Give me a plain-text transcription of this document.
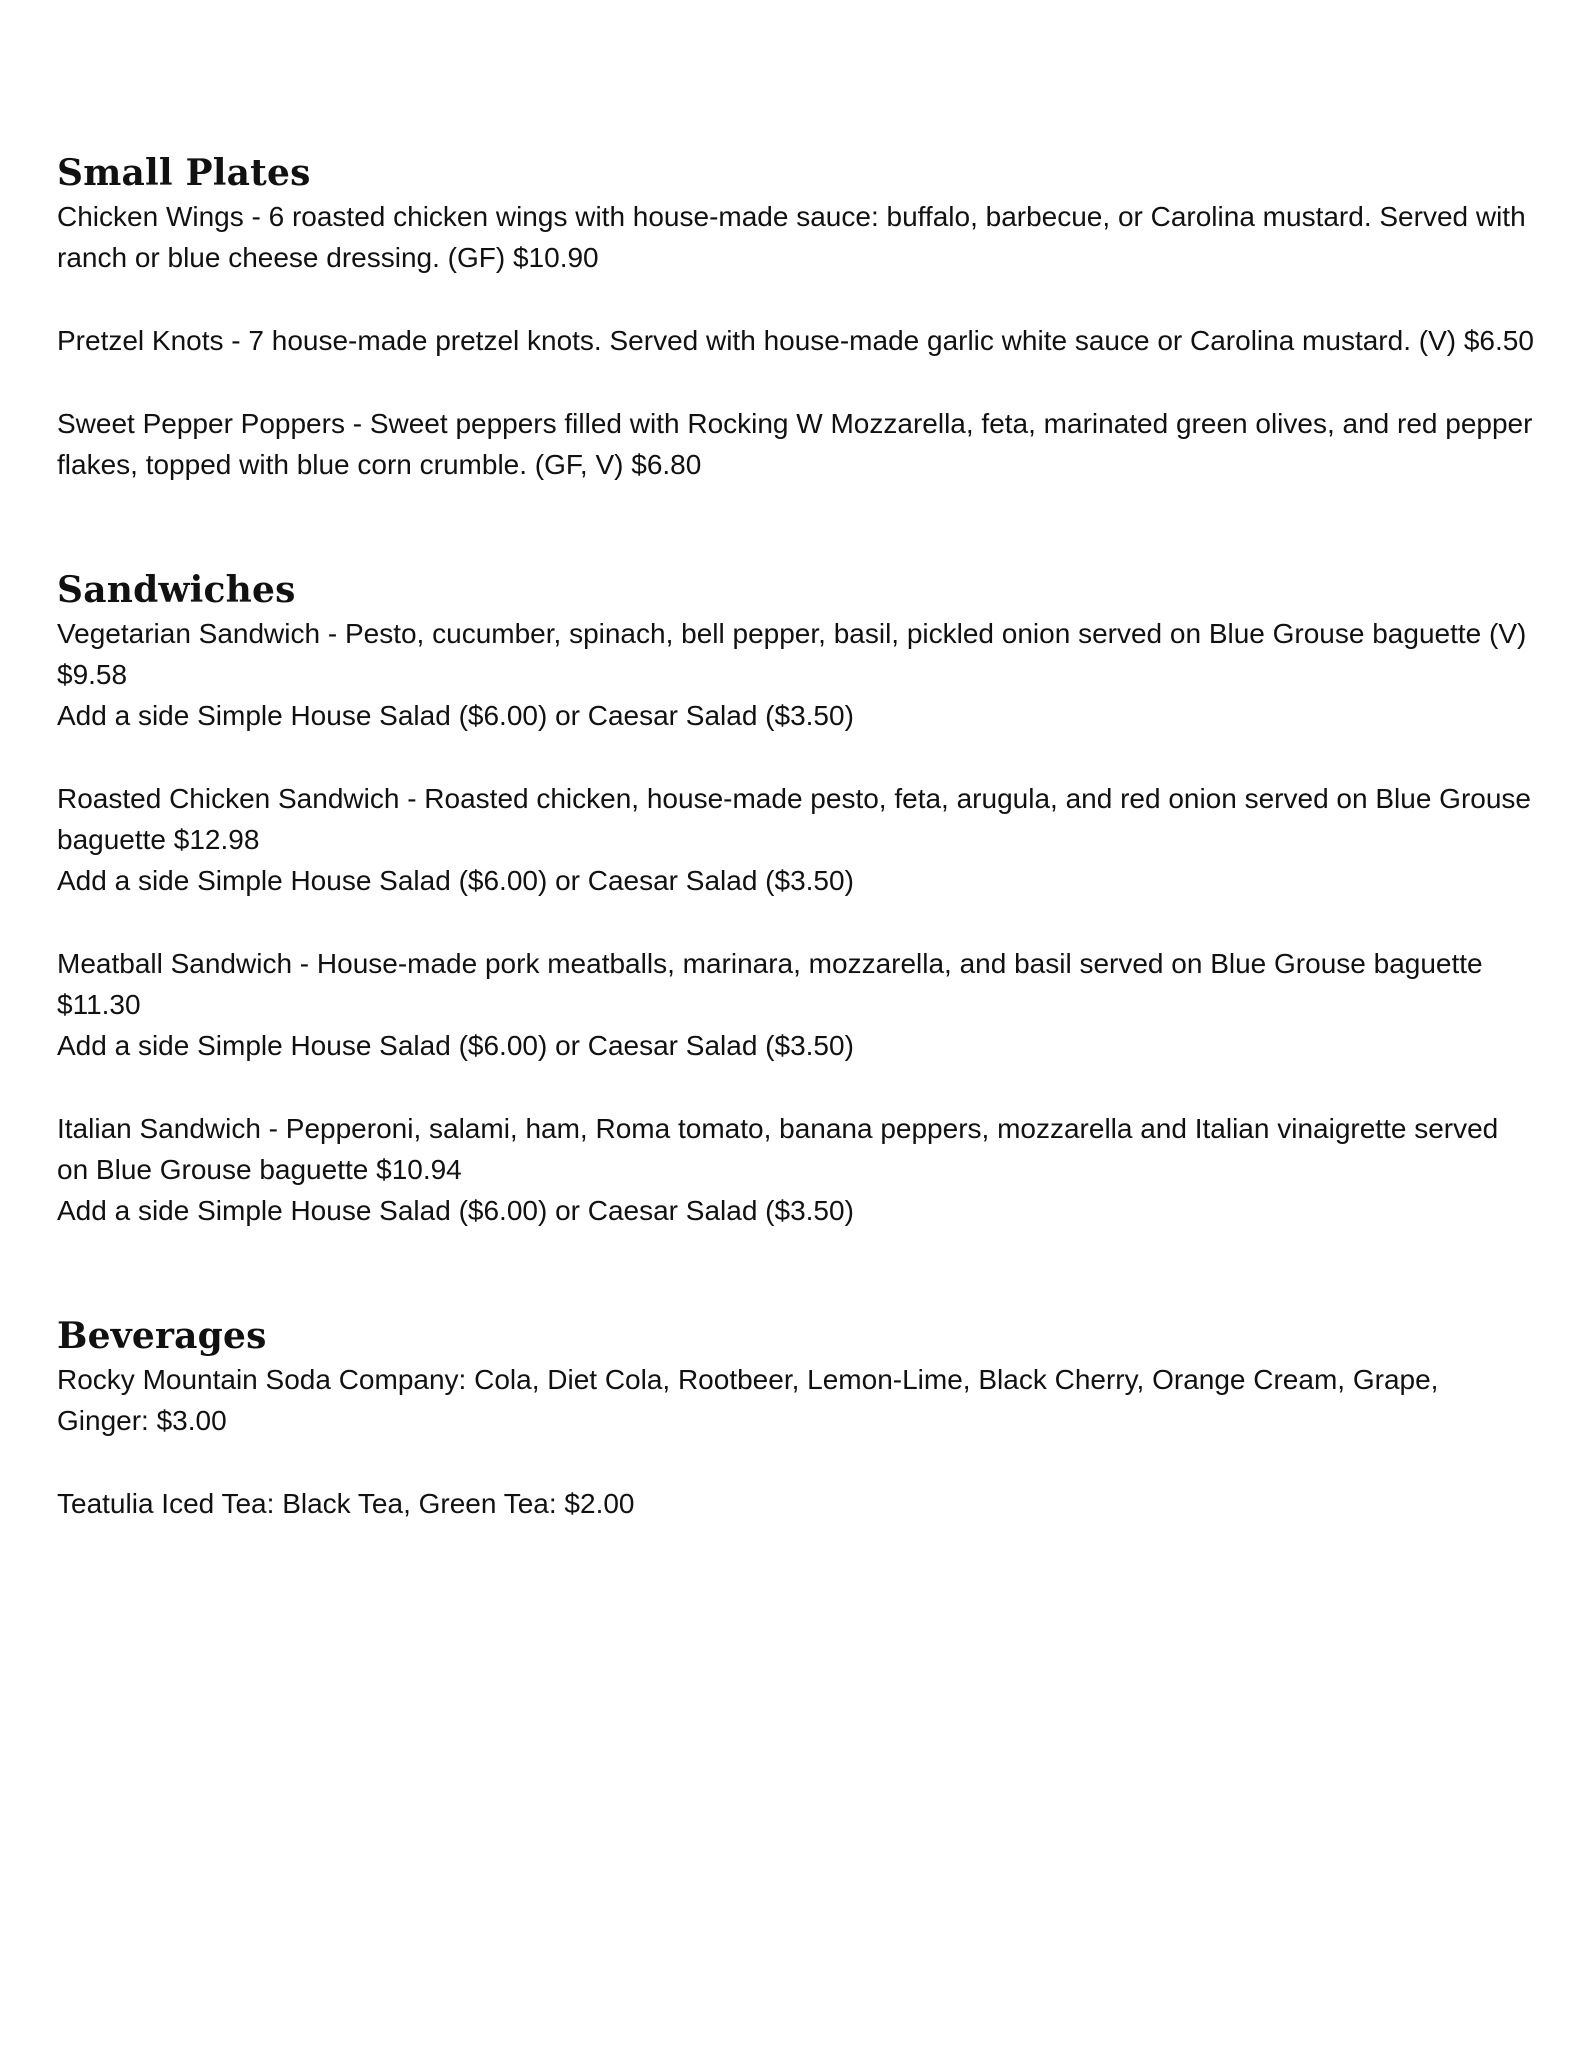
Small Plates

Chicken Wings - 6 roasted chicken wings with house-made sauce: buffalo, barbecue, or Carolina mustard. Served with ranch or blue cheese dressing. (GF) $10.90

Pretzel Knots - 7 house-made pretzel knots. Served with house-made garlic white sauce or Carolina mustard. (V) $6.50

Sweet Pepper Poppers - Sweet peppers filled with Rocking W Mozzarella, feta, marinated green olives, and red pepper flakes, topped with blue corn crumble. (GF, V) $6.80

Sandwiches

Vegetarian Sandwich - Pesto, cucumber, spinach, bell pepper, basil, pickled onion served on Blue Grouse baguette (V) $9.58

Add a side Simple House Salad ($6.00) or Caesar Salad ($3.50)

Roasted Chicken Sandwich - Roasted chicken, house-made pesto, feta, arugula, and red onion served on Blue Grouse baguette $12.98

Add a side Simple House Salad ($6.00) or Caesar Salad ($3.50)

Meatball Sandwich - House-made pork meatballs, marinara, mozzarella, and basil served on Blue Grouse baguette $11.30

Add a side Simple House Salad ($6.00) or Caesar Salad ($3.50)

Italian Sandwich - Pepperoni, salami, ham, Roma tomato, banana peppers, mozzarella and Italian vinaigrette served on Blue Grouse baguette $10.94

Add a side Simple House Salad ($6.00) or Caesar Salad ($3.50)

Beverages

Rocky Mountain Soda Company: Cola, Diet Cola, Rootbeer, Lemon-Lime, Black Cherry, Orange Cream, Grape, Ginger: $3.00

Teatulia Iced Tea: Black Tea, Green Tea: $2.00
